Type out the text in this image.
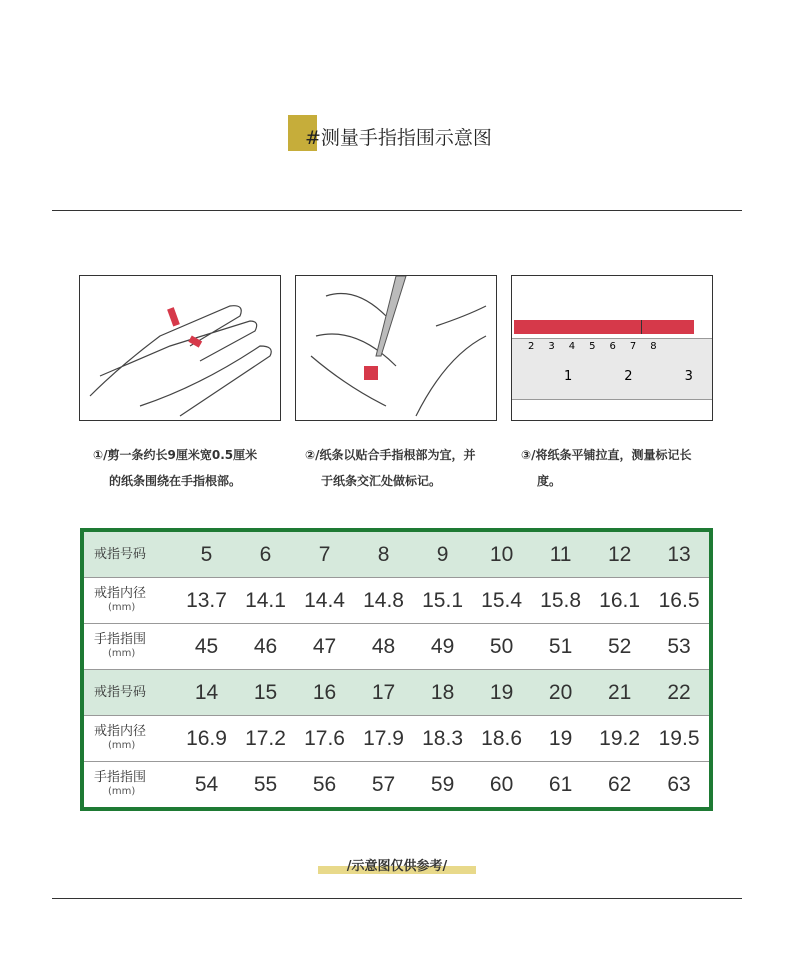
#测量手指指围示意图
2 3 4 5 6 7 8
1	2	3
①/剪一条约长9厘米宽0.5厘米
的纸条围绕在手指根部。
②/纸条以贴合手指根部为宜，并
于纸条交汇处做标记。
③/将纸条平铺拉直，测量标记长
度。
戒指号码	5	6	7	8	9	10	11	12	13
戒指内径
(mm)	13.7	14.1	14.4	14.8	15.1	15.4	15.8	16.1	16.5
手指指围
(mm)	45	46	47	48	49	50	51	52	53
戒指号码	14	15	16	17	18	19	20	21	22
戒指内径
(mm)	16.9	17.2	17.6	17.9	18.3	18.6	19	19.2	19.5
手指指围
(mm)	54	55	56	57	59	60	61	62	63
/示意图仅供参考/
